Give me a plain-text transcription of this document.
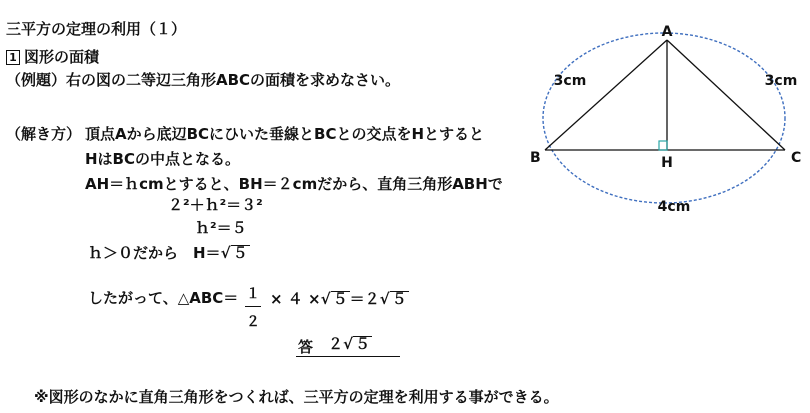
三平方の定理の利用（１）
1 図形の面積
（例題）右の図の二等辺三角形ABCの面積を求めなさい。
（解き方） 頂点Aから底辺BCにひいた垂線とBCとの交点をHとすると
HはBCの中点となる。
AH＝ｈcmとすると、BH＝２cmだから、直角三角形ABHで
２²＋ｈ²＝３²
ｈ²＝５
ｈ＞０だから　H＝√ ５
したがって、△ABC＝ １
２
× ４ ×√ ５ ＝２√ ５
答 ２√ ５
※図形のなかに直角三角形をつくれば、三平方の定理を利用する事ができる。
A
B	C
H
3cm	3cm
4cm
